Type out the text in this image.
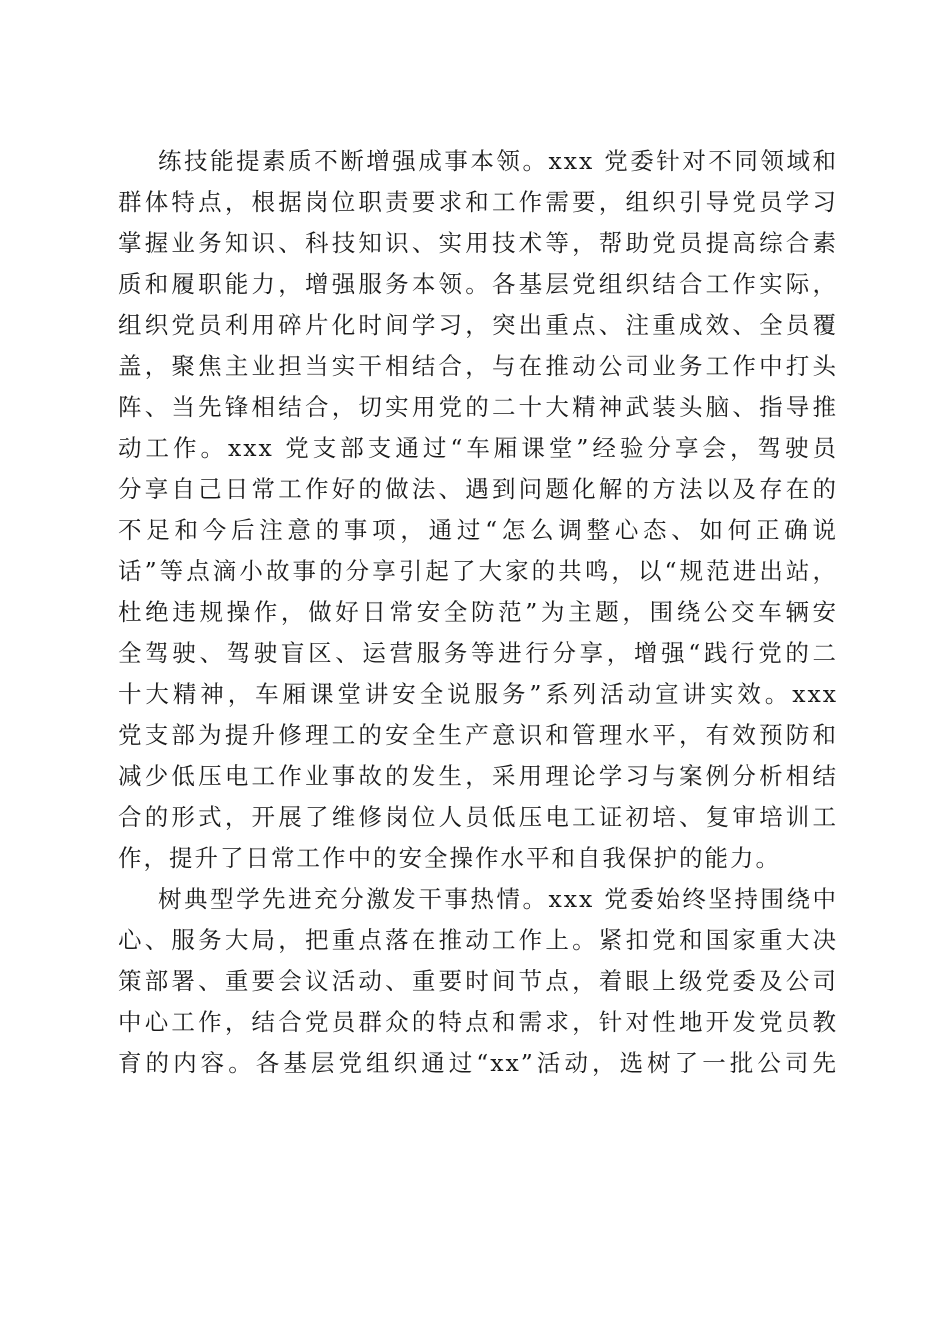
练技能提素质不断增强成事本领。xxx 党委针对不同领域和
群体特点，根据岗位职责要求和工作需要，组织引导党员学习
掌握业务知识、科技知识、实用技术等，帮助党员提高综合素
质和履职能力，增强服务本领。各基层党组织结合工作实际，
组织党员利用碎片化时间学习，突出重点、注重成效、全员覆
盖，聚焦主业担当实干相结合，与在推动公司业务工作中打头
阵、当先锋相结合，切实用党的二十大精神武装头脑、指导推
动工作。xxx 党支部支通过“车厢课堂”经验分享会，驾驶员
分享自己日常工作好的做法、遇到问题化解的方法以及存在的
不足和今后注意的事项，通过“怎么调整心态、如何正确说
话”等点滴小故事的分享引起了大家的共鸣，以“规范进出站，
杜绝违规操作，做好日常安全防范”为主题，围绕公交车辆安
全驾驶、驾驶盲区、运营服务等进行分享，增强“践行党的二
十大精神，车厢课堂讲安全说服务”系列活动宣讲实效。xxx
党支部为提升修理工的安全生产意识和管理水平，有效预防和
减少低压电工作业事故的发生，采用理论学习与案例分析相结
合的形式，开展了维修岗位人员低压电工证初培、复审培训工
作，提升了日常工作中的安全操作水平和自我保护的能力。
树典型学先进充分激发干事热情。xxx 党委始终坚持围绕中
心、服务大局，把重点落在推动工作上。紧扣党和国家重大决
策部署、重要会议活动、重要时间节点，着眼上级党委及公司
中心工作，结合党员群众的特点和需求，针对性地开发党员教
育的内容。各基层党组织通过“xx”活动，选树了一批公司先
